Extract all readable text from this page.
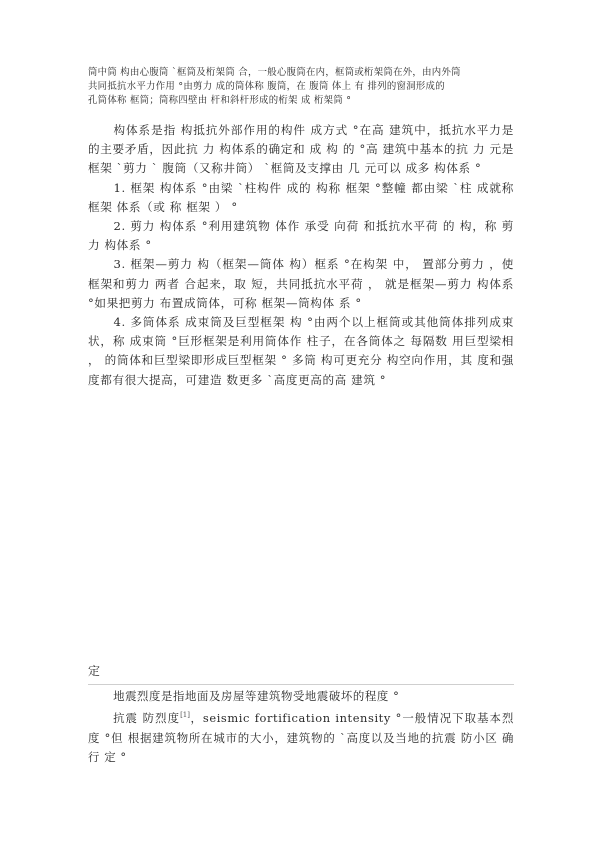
筒中筒 构由心腹筒 `框筒及桁架筒 合，一般心腹筒在内，框筒或桁架筒在外，由内外筒

共同抵抗水平力作用 °由剪力 成的筒体称 腹筒，在 腹筒 体上 有 排列的窗洞形成的

孔筒体称 框筒；筒称四壁由 杆和斜杆形成的桁架 成 桁架筒 °

构体系是指 构抵抗外部作用的构件 成方式 °在高 建筑中，抵抗水平力是 的主要矛盾，因此抗 力 构体系的确定和 成 构 的 °高 建筑中基本的抗 力 元是框架 `剪力 ` 腹筒（又称井筒） `框筒及支撑由 几 元可以 成多 构体系 °

1. 框架 构体系 °由梁 `柱构件 成的 构称 框架 °整幢 都由梁 `柱 成就称 框架 体系（或 称 框架 ） °

2. 剪力 构体系 °利用建筑物 体作 承受 向荷 和抵抗水平荷 的 构，称 剪力 构体系 °

3. 框架—剪力 构（框架—筒体 构）框系 °在构架 中， 置部分剪力 ，使框架和剪力 两者 合起来，取 短，共同抵抗水平荷 ， 就是框架—剪力 构体系 °如果把剪力 布置成筒体，可称 框架—筒构体 系 °

4. 多筒体系 成束筒及巨型框架 构 °由两个以上框筒或其他筒体排列成束状，称 成束筒 °巨形框架是利用筒体作 柱子，在各筒体之 每隔数 用巨型梁相 ， 的筒体和巨型梁即形成巨型框架 ° 多筒 构可更充分 构空向作用，其 度和强度都有很大提高，可建造 数更多 `高度更高的高 建筑 °

定

地震烈度是指地面及房屋等建筑物受地震破坏的程度 °

抗震 防烈度[1]，seismic fortification intensity °一般情况下取基本烈度 °但 根据建筑物所在城市的大小，建筑物的 `高度以及当地的抗震 防小区 确行 定 °
